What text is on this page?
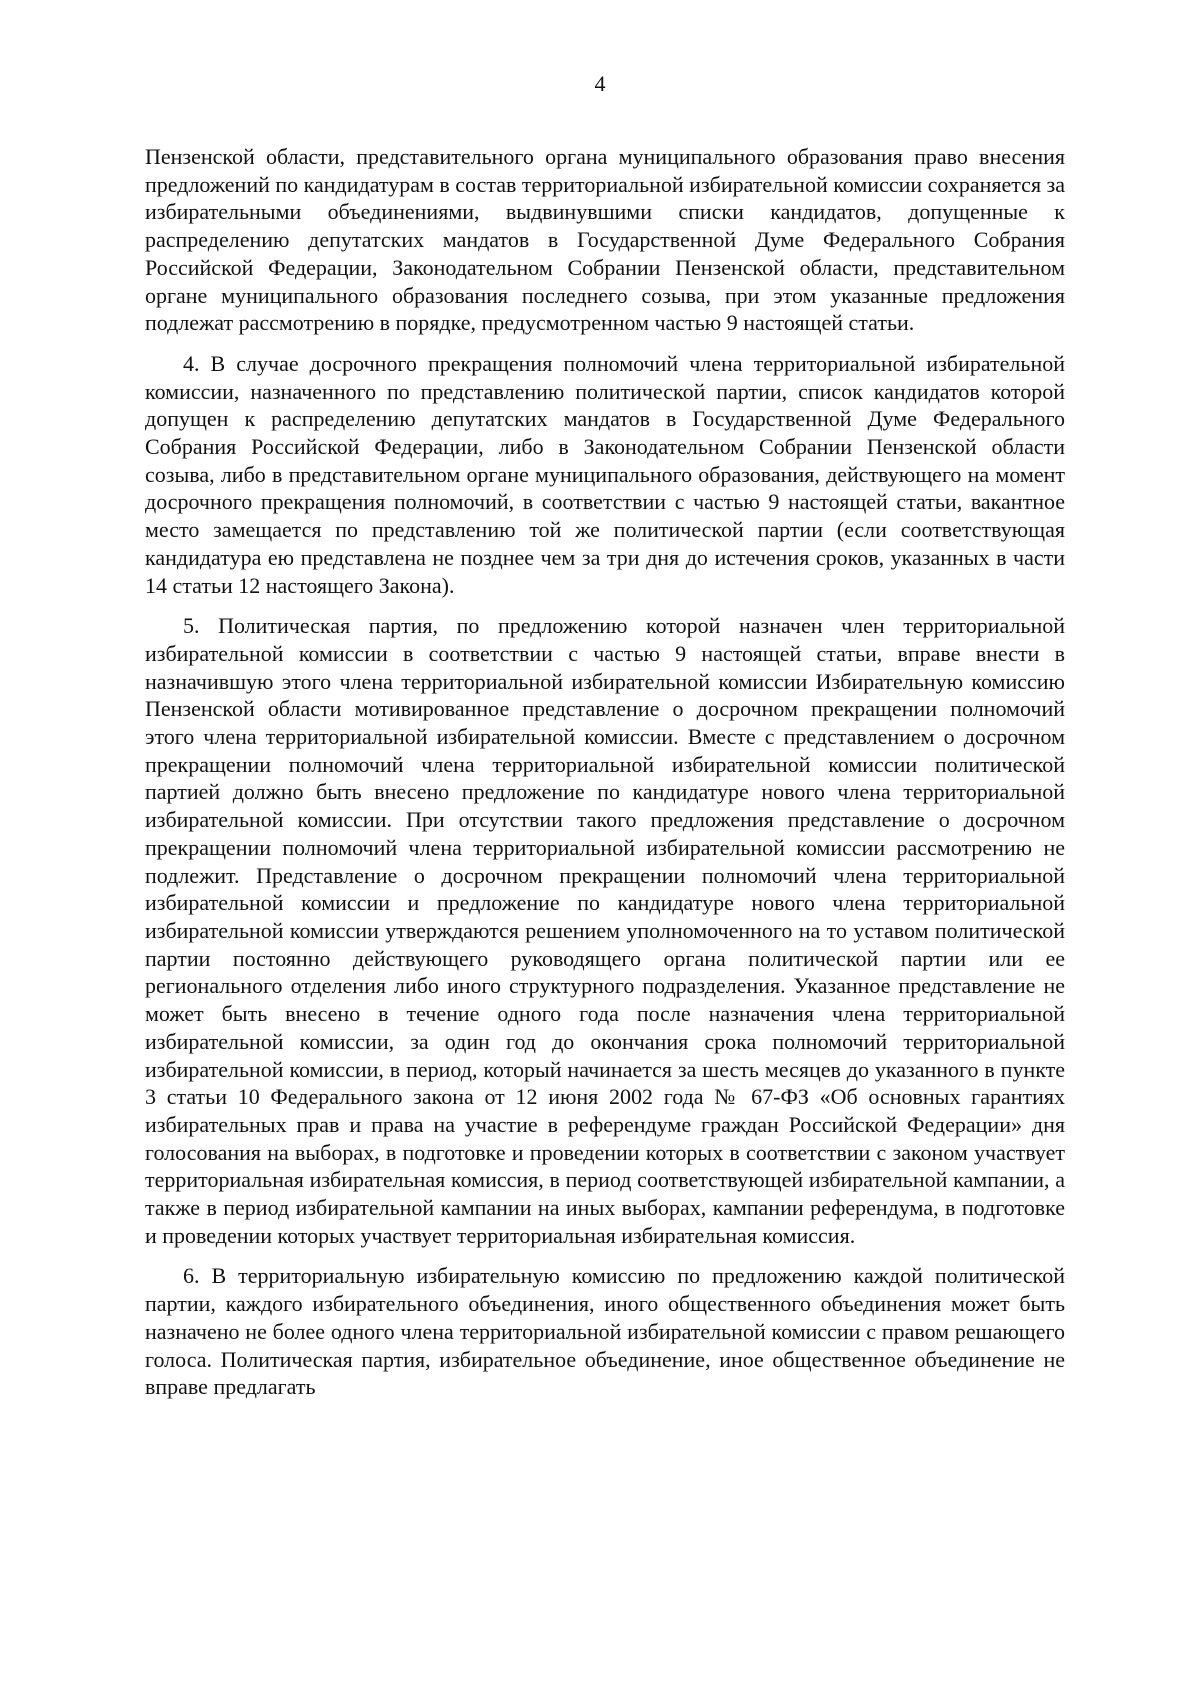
4

Пензенской области, представительного органа муниципального образования право внесения предложений по кандидатурам в состав территориальной избирательной комиссии сохраняется за избирательными объединениями, выдвинувшими списки кандидатов, допущенные к распределению депутатских мандатов в Государственной Думе Федерального Собрания Российской Федерации, Законодательном Собрании Пензенской области, представительном органе муниципального образования последнего созыва, при этом указанные предложения подлежат рассмотрению в порядке, предусмотренном частью 9 настоящей статьи.

4. В случае досрочного прекращения полномочий члена территориальной избирательной комиссии, назначенного по представлению политической партии, список кандидатов которой допущен к распределению депутатских мандатов в Государственной Думе Федерального Собрания Российской Федерации, либо в Законодательном Собрании Пензенской области созыва, либо в представительном органе муниципального образования, действующего на момент досрочного прекращения полномочий, в соответствии с частью 9 настоящей статьи, вакантное место замещается по представлению той же политической партии (если соответствующая кандидатура ею представлена не позднее чем за три дня до истечения сроков, указанных в части 14 статьи 12 настоящего Закона).

5. Политическая партия, по предложению которой назначен член территориальной избирательной комиссии в соответствии с частью 9 настоящей статьи, вправе внести в назначившую этого члена территориальной избирательной комиссии Избирательную комиссию Пензенской области мотивированное представление о досрочном прекращении полномочий этого члена территориальной избирательной комиссии. Вместе с представлением о досрочном прекращении полномочий члена территориальной избирательной комиссии политической партией должно быть внесено предложение по кандидатуре нового члена территориальной избирательной комиссии. При отсутствии такого предложения представление о досрочном прекращении полномочий члена территориальной избирательной комиссии рассмотрению не подлежит. Представление о досрочном прекращении полномочий члена территориальной избирательной комиссии и предложение по кандидатуре нового члена территориальной избирательной комиссии утверждаются решением уполномоченного на то уставом политической партии постоянно действующего руководящего органа политической партии или ее регионального отделения либо иного структурного подразделения. Указанное представление не может быть внесено в течение одного года после назначения члена территориальной избирательной комиссии, за один год до окончания срока полномочий территориальной избирательной комиссии, в период, который начинается за шесть месяцев до указанного в пункте 3 статьи 10 Федерального закона от 12 июня 2002 года № 67-ФЗ «Об основных гарантиях избирательных прав и права на участие в референдуме граждан Российской Федерации» дня голосования на выборах, в подготовке и проведении которых в соответствии с законом участвует территориальная избирательная комиссия, в период соответствующей избирательной кампании, а также в период избирательной кампании на иных выборах, кампании референдума, в подготовке и проведении которых участвует территориальная избирательная комиссия.

6. В территориальную избирательную комиссию по предложению каждой политической партии, каждого избирательного объединения, иного общественного объединения может быть назначено не более одного члена территориальной избирательной комиссии с правом решающего голоса. Политическая партия, избирательное объединение, иное общественное объединение не вправе предлагать
